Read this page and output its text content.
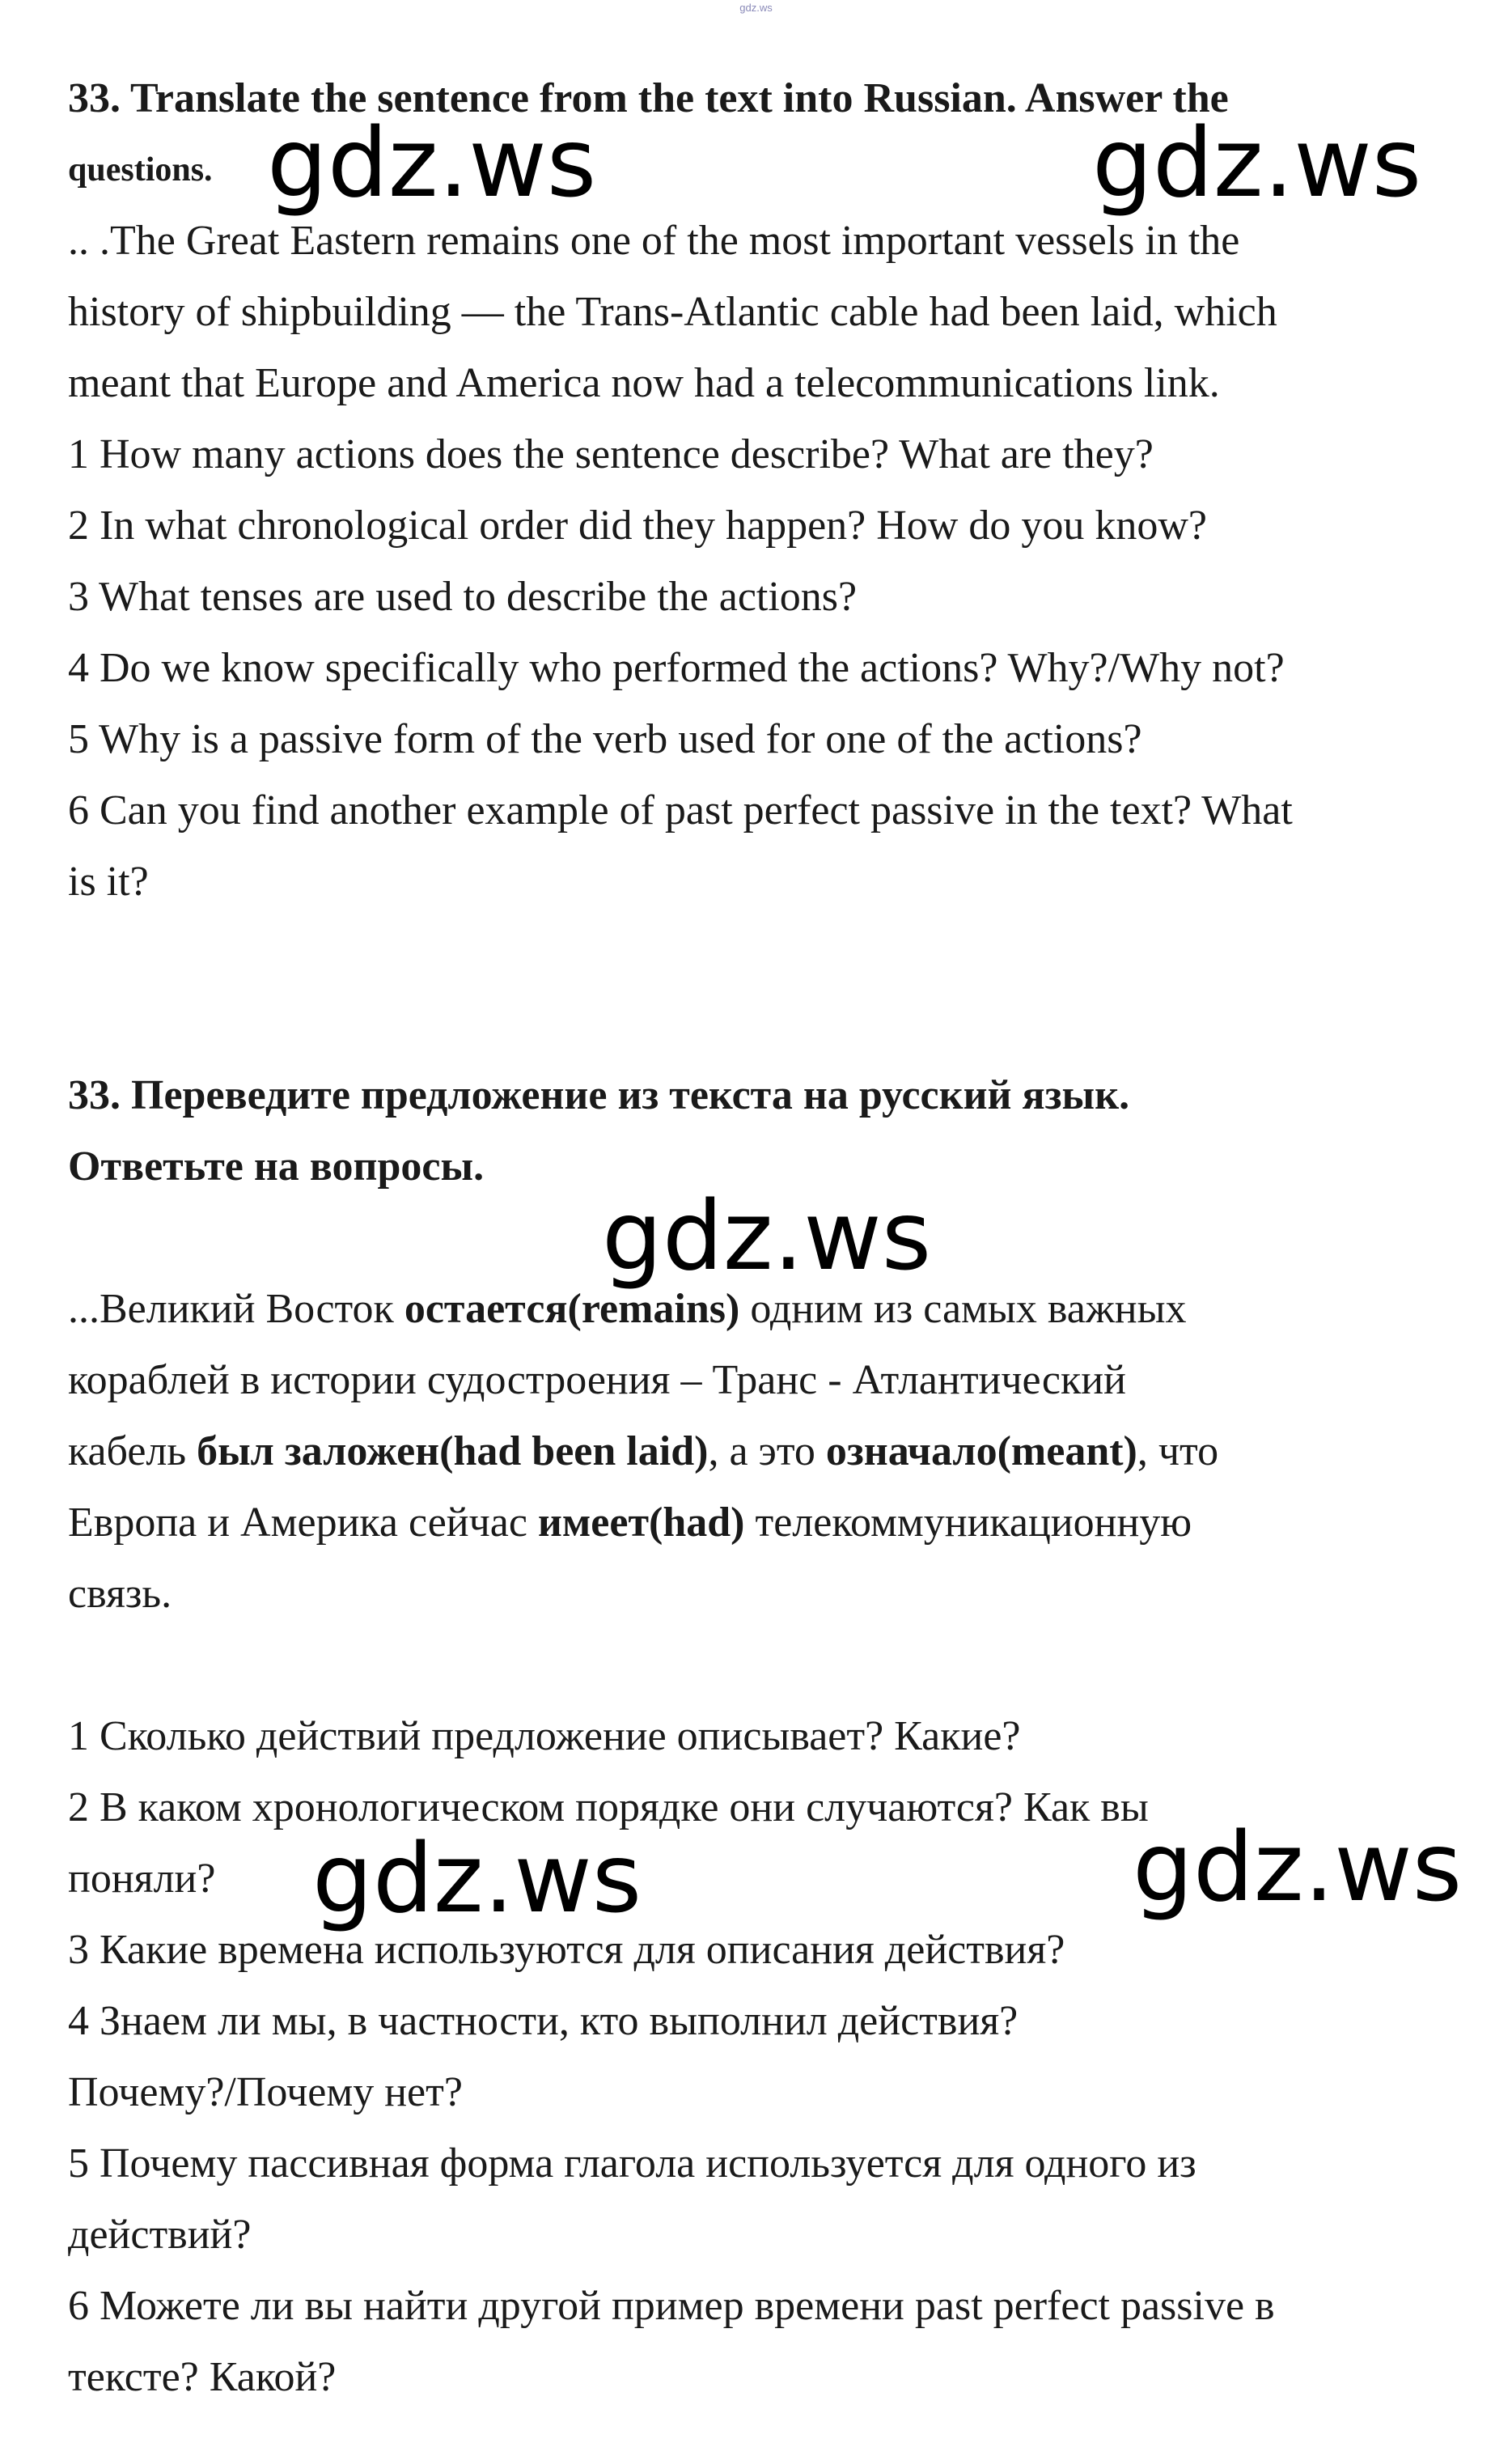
gdz.ws
33. Translate the sentence from the text into Russian. Answer the
questions.
.. .The Great Eastern remains one of the most important vessels in the
history of shipbuilding — the Trans-Atlantic cable had been laid, which
meant that Europe and America now had a telecommunications link.
1 How many actions does the sentence describe? What are they?
2 In what chronological order did they happen? How do you know?
3 What tenses are used to describe the actions?
4 Do we know specifically who performed the actions? Why?/Why not?
5 Why is a passive form of the verb used for one of the actions?
6 Can you find another example of past perfect passive in the text? What
is it?
33. Переведите предложение из текста на русский язык.
Ответьте на вопросы.
...Великий Восток остается(remains) одним из самых важных
кораблей в истории судостроения – Транс - Атлантический
кабель был заложен(had been laid), а это означало(meant), что
Европа и Америка сейчас имеет(had) телекоммуникационную
связь.
1 Сколько действий предложение описывает? Какие?
2 В каком хронологическом порядке они случаются? Как вы
поняли?
3 Какие времена используются для описания действия?
4 Знаем ли мы, в частности, кто выполнил действия?
Почему?/Почему нет?
5 Почему пассивная форма глагола используется для одного из
действий?
6 Можете ли вы найти другой пример времени past perfect passive в
тексте? Какой?
gdz.ws	gdz.ws
gdz.ws
gdz.ws	gdz.ws
